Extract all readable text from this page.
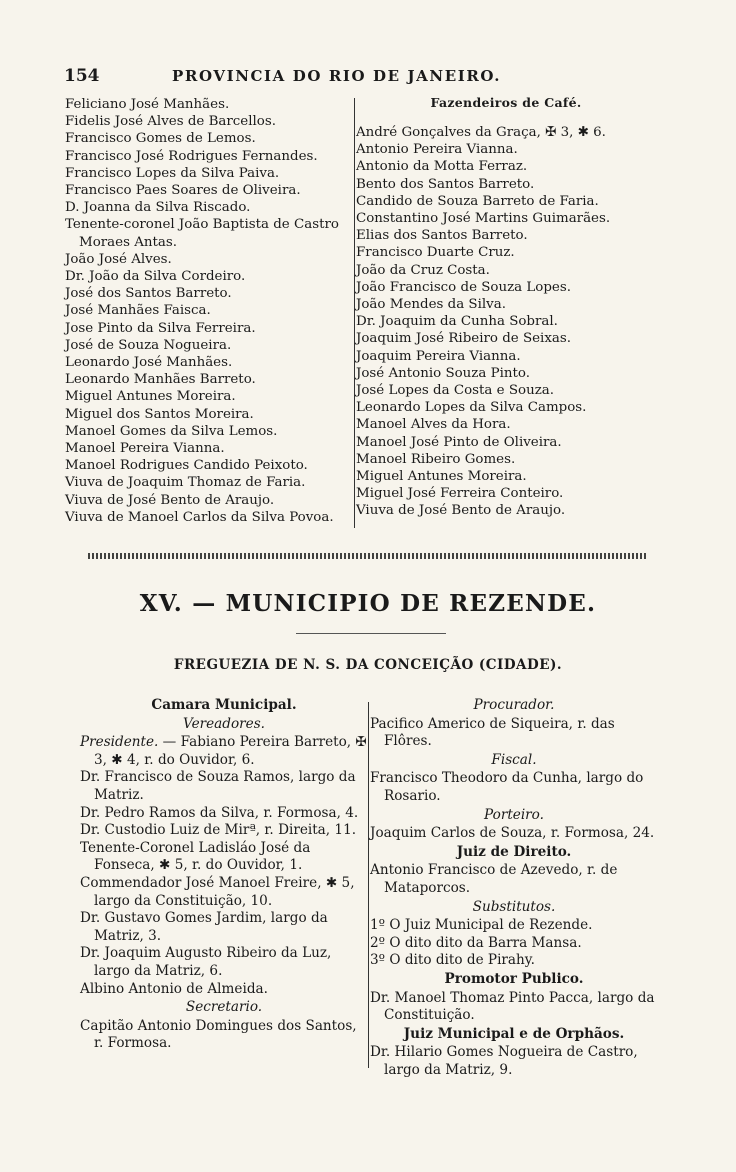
154	PROVINCIA DO RIO DE JANEIRO.
Feliciano José Manhães.
Fidelis José Alves de Barcellos.
Francisco Gomes de Lemos.
Francisco José Rodrigues Fernandes.
Francisco Lopes da Silva Paiva.
Francisco Paes Soares de Oliveira.
D. Joanna da Silva Riscado.
Tenente-coronel João Baptista de Castro
Moraes Antas.
João José Alves.
Dr. João da Silva Cordeiro.
José dos Santos Barreto.
José Manhães Faisca.
Jose Pinto da Silva Ferreira.
José de Souza Nogueira.
Leonardo José Manhães.
Leonardo Manhães Barreto.
Miguel Antunes Moreira.
Miguel dos Santos Moreira.
Manoel Gomes da Silva Lemos.
Manoel Pereira Vianna.
Manoel Rodrigues Candido Peixoto.
Viuva de Joaquim Thomaz de Faria.
Viuva de José Bento de Araujo.
Viuva de Manoel Carlos da Silva Povoa.
Fazendeiros de Café.
André Gonçalves da Graça, ✠ 3, ✱ 6.
Antonio Pereira Vianna.
Antonio da Motta Ferraz.
Bento dos Santos Barreto.
Candido de Souza Barreto de Faria.
Constantino José Martins Guimarães.
Elias dos Santos Barreto.
Francisco Duarte Cruz.
João da Cruz Costa.
João Francisco de Souza Lopes.
João Mendes da Silva.
Dr. Joaquim da Cunha Sobral.
Joaquim José Ribeiro de Seixas.
Joaquim Pereira Vianna.
José Antonio Souza Pinto.
José Lopes da Costa e Souza.
Leonardo Lopes da Silva Campos.
Manoel Alves da Hora.
Manoel José Pinto de Oliveira.
Manoel Ribeiro Gomes.
Miguel Antunes Moreira.
Miguel José Ferreira Conteiro.
Viuva de José Bento de Araujo.
XV. — MUNICIPIO DE REZENDE.
FREGUEZIA DE N. S. DA CONCEIÇÃO (CIDADE).
Camara Municipal.
Vereadores.
Presidente. — Fabiano Pereira Barreto, ✠ 3, ✱ 4, r. do Ouvidor, 6.
Dr. Francisco de Souza Ramos, largo da Matriz.
Dr. Pedro Ramos da Silva, r. Formosa, 4.
Dr. Custodio Luiz de Mirª, r. Direita, 11.
Tenente-Coronel Ladisláo José da Fonseca, ✱ 5, r. do Ouvidor, 1.
Commendador José Manoel Freire, ✱ 5, largo da Constituição, 10.
Dr. Gustavo Gomes Jardim, largo da Matriz, 3.
Dr. Joaquim Augusto Ribeiro da Luz, largo da Matriz, 6.
Albino Antonio de Almeida.
Secretario.
Capitão Antonio Domingues dos Santos, r. Formosa.
Procurador.
Pacifico Americo de Siqueira, r. das Flôres.
Fiscal.
Francisco Theodoro da Cunha, largo do Rosario.
Porteiro.
Joaquim Carlos de Souza, r. Formosa, 24.
Juiz de Direito.
Antonio Francisco de Azevedo, r. de Mataporcos.
Substitutos.
1º O Juiz Municipal de Rezende.
2º O dito dito da Barra Mansa.
3º O dito dito de Pirahy.
Promotor Publico.
Dr. Manoel Thomaz Pinto Pacca, largo da Constituição.
Juiz Municipal e de Orphãos.
Dr. Hilario Gomes Nogueira de Castro, largo da Matriz, 9.
